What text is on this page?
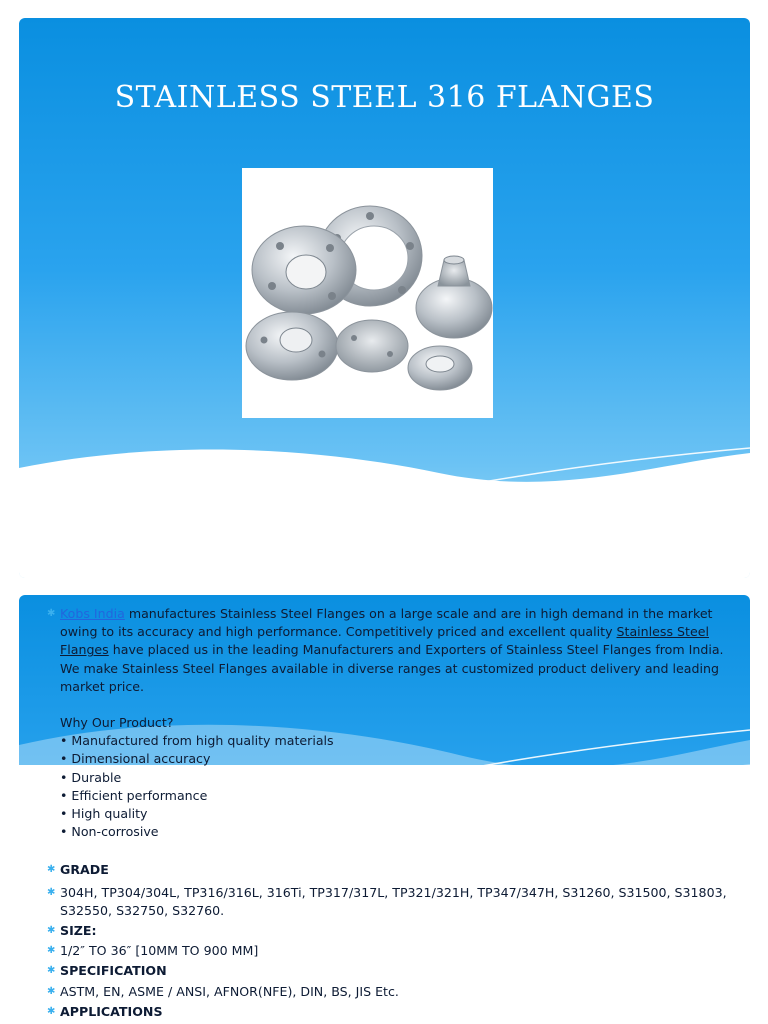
STAINLESS STEEL 316 FLANGES
✱ Kobs India manufactures Stainless Steel Flanges on a large scale and are in high demand in the market owing to its accuracy and high performance. Competitively priced and excellent quality Stainless Steel Flanges have placed us in the leading Manufacturers and Exporters of Stainless Steel Flanges from India. We make Stainless Steel Flanges available in diverse ranges at customized product delivery and leading market price.
Why Our Product?
• Manufactured from high quality materials
• Dimensional accuracy
• Durable
• Efficient performance
• High quality
• Non-corrosive
✱ GRADE
✱ 304H, TP304/304L, TP316/316L, 316Ti, TP317/317L, TP321/321H, TP347/347H, S31260, S31500, S31803, S32550, S32750, S32760.
✱ SIZE:
✱ 1/2″ TO 36″ [10MM TO 900 MM]
✱ SPECIFICATION
✱ ASTM, EN, ASME / ANSI, AFNOR(NFE), DIN, BS, JIS Etc.
✱ APPLICATIONS
